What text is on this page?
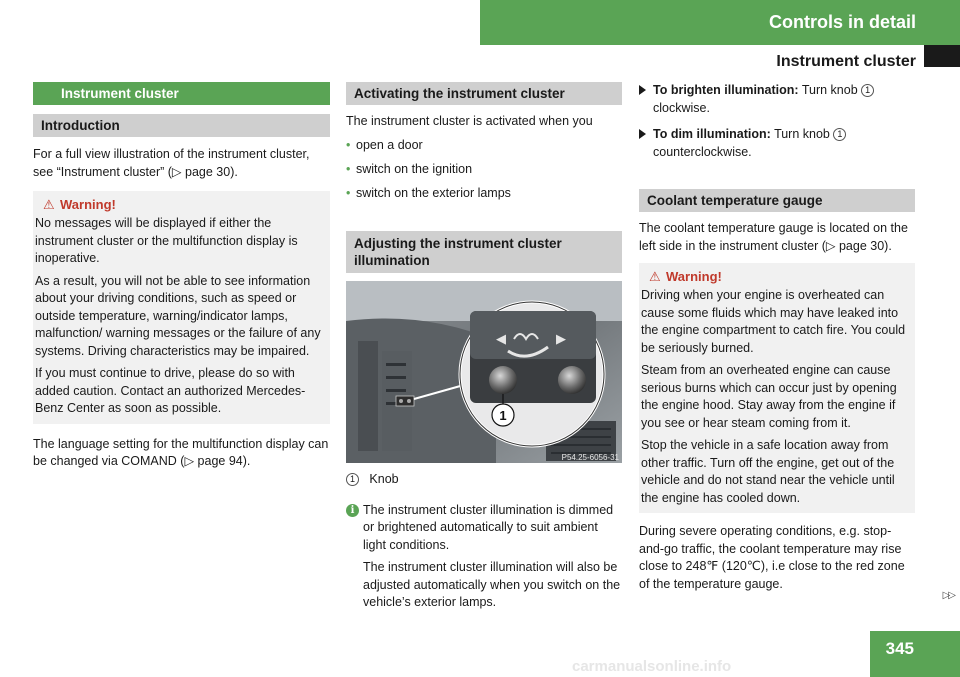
Controls in detail
Instrument cluster
Instrument cluster
Introduction

For a full view illustration of the instrument cluster, see “Instrument cluster” (▷ page 30).

⚠ Warning!

No messages will be displayed if either the instrument cluster or the multifunction display is inoperative.

As a result, you will not be able to see information about your driving conditions, such as speed or outside temperature, warning/indicator lamps, malfunction/ warning messages or the failure of any systems. Driving characteristics may be impaired.

If you must continue to drive, please do so with added caution. Contact an authorized Mercedes-Benz Center as soon as possible.

The language setting for the multifunction display can be changed via COMAND (▷ page 94).

Activating the instrument cluster

The instrument cluster is activated when you

• open a door
• switch on the ignition
• switch on the exterior lamps
Adjusting the instrument cluster illumination
◀	▶
1
P54.25-6056-31

1 Knob

i The instrument cluster illumination is dimmed or brightened automatically to suit ambient light conditions.

The instrument cluster illumination will also be adjusted automatically when you switch on the vehicle’s exterior lamps.

To brighten illumination: Turn knob 1
clockwise.
To dim illumination: Turn knob 1
counterclockwise.
Coolant temperature gauge

The coolant temperature gauge is located on the left side in the instrument cluster (▷ page 30).

⚠ Warning!

Driving when your engine is overheated can cause some fluids which may have leaked into the engine compartment to catch fire. You could be seriously burned.

Steam from an overheated engine can cause serious burns which can occur just by opening the engine hood. Stay away from the engine if you see or hear steam coming from it.

Stop the vehicle in a safe location away from other traffic. Turn off the engine, get out of the vehicle and do not stand near the vehicle until the engine has cooled down.

During severe operating conditions, e.g. stop-and-go traffic, the coolant temperature may rise close to 248℉ (120℃), i.e close to the red zone of the temperature gauge.

▷▷
345
carmanualsonline.info
